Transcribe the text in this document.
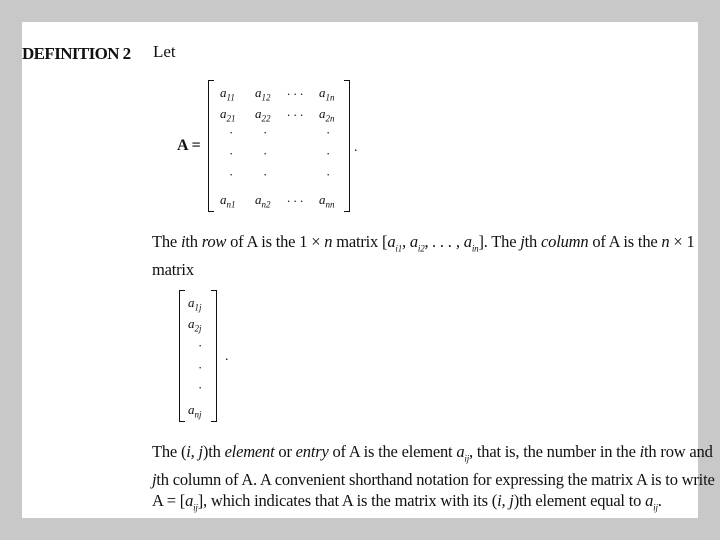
DEFINITION 2 Let
A =
$a_{11}$ $a_{12}$ . . . $a_{1n}$
$a_{21}$ $a_{22}$ . . . $a_{2n}$
· ·	·
· ·	·
· ·	·
$a_{n1}$ $a_{n2}$ . . . $a_{nn}$
.
The ith row of A is the 1 × n matrix [$a_{i1}$, $a_{i2}$, . . . , $a_{in}$]. The jth column of A is the n × 1
matrix
$a_{1j}$
$a_{2j}$
·
·
·
$a_{nj}$
.
The (i, j)th element or entry of A is the element $a_{ij}$, that is, the number in the ith row and
jth column of A. A convenient shorthand notation for expressing the matrix A is to write
$A = [a_{ij}]$, which indicates that A is the matrix with its (i, j)th element equal to $a_{ij}$.
